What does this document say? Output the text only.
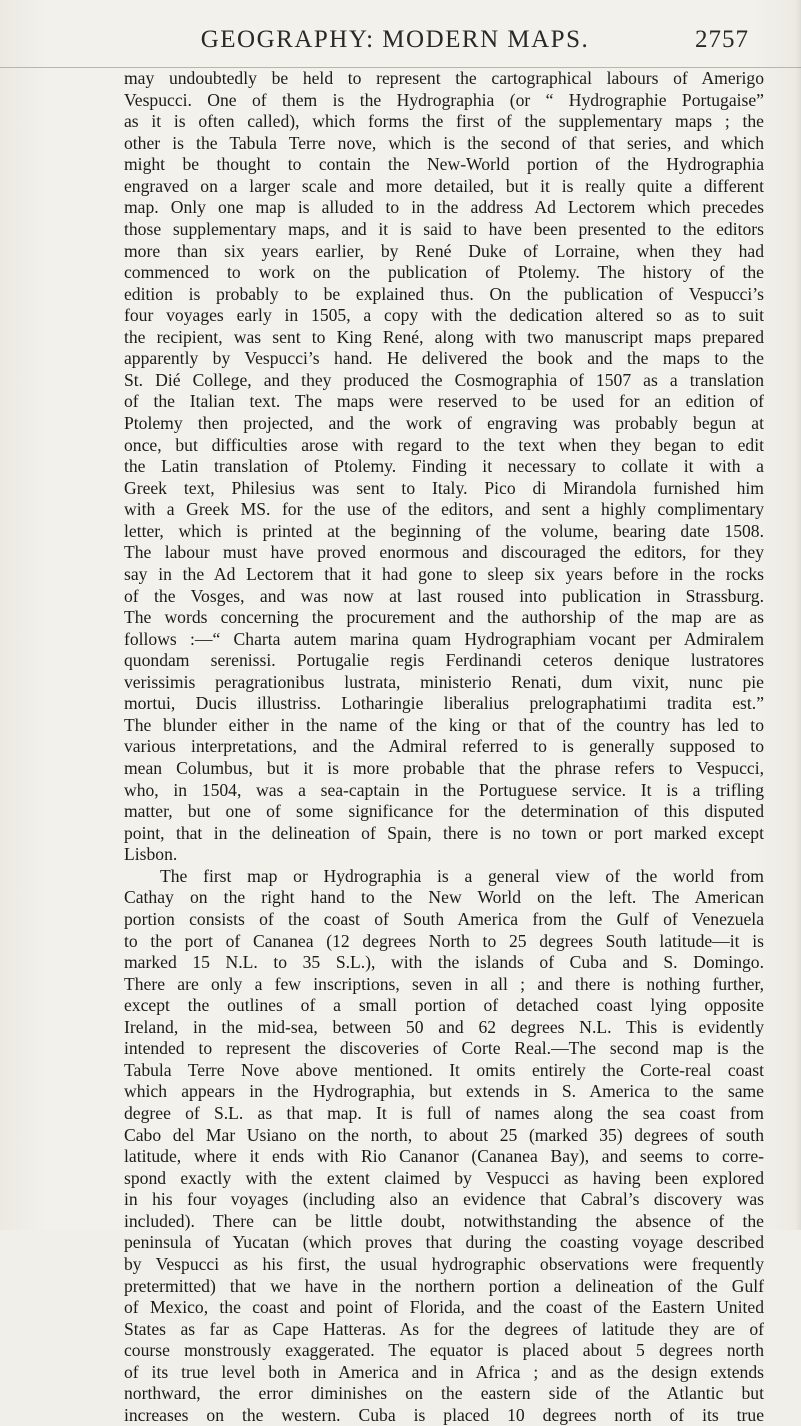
GEOGRAPHY: MODERN MAPS.	2757

may undoubtedly be held to represent the cartographical labours of Amerigo
Vespucci. One of them is the Hydrographia (or “ Hydrographie Portugaise”
as it is often called), which forms the first of the supplementary maps ; the
other is the Tabula Terre nove, which is the second of that series, and which
might be thought to contain the New-World portion of the Hydrographia
engraved on a larger scale and more detailed, but it is really quite a different
map. Only one map is alluded to in the address Ad Lectorem which precedes
those supplementary maps, and it is said to have been presented to the editors
more than six years earlier, by René Duke of Lorraine, when they had
commenced to work on the publication of Ptolemy. The history of the
edition is probably to be explained thus. On the publication of Vespucci’s
four voyages early in 1505, a copy with the dedication altered so as to suit
the recipient, was sent to King René, along with two manuscript maps prepared
apparently by Vespucci’s hand. He delivered the book and the maps to the
St. Dié College, and they produced the Cosmographia of 1507 as a translation
of the Italian text. The maps were reserved to be used for an edition of
Ptolemy then projected, and the work of engraving was probably begun at
once, but difficulties arose with regard to the text when they began to edit
the Latin translation of Ptolemy. Finding it necessary to collate it with a
Greek text, Philesius was sent to Italy. Pico di Mirandola furnished him
with a Greek MS. for the use of the editors, and sent a highly complimentary
letter, which is printed at the beginning of the volume, bearing date 1508.
The labour must have proved enormous and discouraged the editors, for they
say in the Ad Lectorem that it had gone to sleep six years before in the rocks
of the Vosges, and was now at last roused into publication in Strassburg.
The words concerning the procurement and the authorship of the map are as
follows :—“ Charta autem marina quam Hydrographiam vocant per Admiralem
quondam serenissi. Portugalie regis Ferdinandi ceteros denique lustratores
verissimis peragrationibus lustrata, ministerio Renati, dum vixit, nunc pie
mortui, Ducis illustriss. Lotharingie liberalius prelographatiımi tradita est.”
The blunder either in the name of the king or that of the country has led to
various interpretations, and the Admiral referred to is generally supposed to
mean Columbus, but it is more probable that the phrase refers to Vespucci,
who, in 1504, was a sea-captain in the Portuguese service. It is a trifling
matter, but one of some significance for the determination of this disputed
point, that in the delineation of Spain, there is no town or port marked except
Lisbon.

The first map or Hydrographia is a general view of the world from
Cathay on the right hand to the New World on the left. The American
portion consists of the coast of South America from the Gulf of Venezuela
to the port of Cananea (12 degrees North to 25 degrees South latitude—it is
marked 15 N.L. to 35 S.L.), with the islands of Cuba and S. Domingo.
There are only a few inscriptions, seven in all ; and there is nothing further,
except the outlines of a small portion of detached coast lying opposite
Ireland, in the mid-sea, between 50 and 62 degrees N.L. This is evidently
intended to represent the discoveries of Corte Real.—The second map is the
Tabula Terre Nove above mentioned. It omits entirely the Corte-real coast
which appears in the Hydrographia, but extends in S. America to the same
degree of S.L. as that map. It is full of names along the sea coast from
Cabo del Mar Usiano on the north, to about 25 (marked 35) degrees of south
latitude, where it ends with Rio Cananor (Cananea Bay), and seems to corre-
spond exactly with the extent claimed by Vespucci as having been explored
in his four voyages (including also an evidence that Cabral’s discovery was
included). There can be little doubt, notwithstanding the absence of the
peninsula of Yucatan (which proves that during the coasting voyage described
by Vespucci as his first, the usual hydrographic observations were frequently
pretermitted) that we have in the northern portion a delineation of the Gulf
of Mexico, the coast and point of Florida, and the coast of the Eastern United
States as far as Cape Hatteras. As for the degrees of latitude they are of
course monstrously exaggerated. The equator is placed about 5 degrees north
of its true level both in America and in Africa ; and as the design extends
northward, the error diminishes on the eastern side of the Atlantic but
increases on the western. Cuba is placed 10 degrees north of its true
